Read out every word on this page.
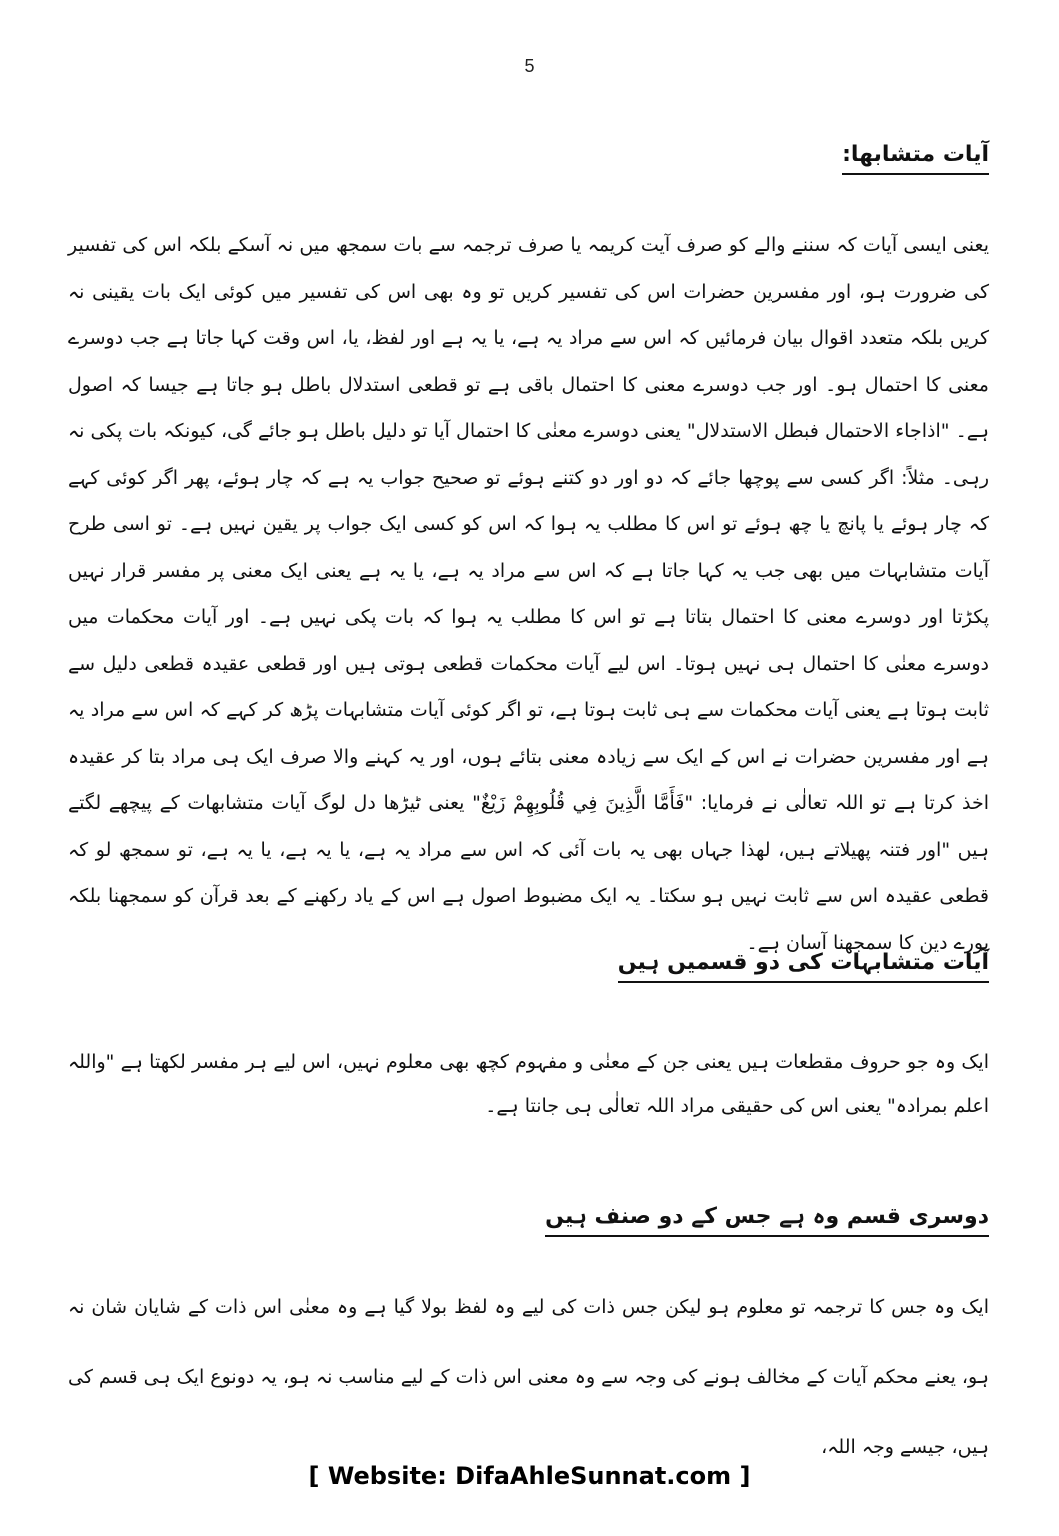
5
آیات متشابھا:
یعنی ایسی آیات کہ سننے والے کو صرف آیت کریمہ یا صرف ترجمہ سے بات سمجھ میں نہ آسکے بلکہ اس کی تفسیر کی ضرورت ہو، اور مفسرین حضرات اس کی تفسیر کریں تو وہ بھی اس کی تفسیر میں کوئی ایک بات یقینی نہ کریں بلکہ متعدد اقوال بیان فرمائیں کہ اس سے مراد یہ ہے، یا یہ ہے اور لفظ، یا، اس وقت کہا جاتا ہے جب دوسرے معنی کا احتمال ہو۔ اور جب دوسرے معنی کا احتمال باقی ہے تو قطعی استدلال باطل ہو جاتا ہے جیسا کہ اصول ہے۔ "اذاجاء الاحتمال فبطل الاستدلال" یعنی دوسرے معنٰی کا احتمال آیا تو دلیل باطل ہو جائے گی، کیونکہ بات پکی نہ رہی۔ مثلاً: اگر کسی سے پوچھا جائے کہ دو اور دو کتنے ہوئے تو صحیح جواب یہ ہے کہ چار ہوئے، پھر اگر کوئی کہے کہ چار ہوئے یا پانچ یا چھ ہوئے تو اس کا مطلب یہ ہوا کہ اس کو کسی ایک جواب پر یقین نہیں ہے۔ تو اسی طرح آیات متشابہات میں بھی جب یہ کہا جاتا ہے کہ اس سے مراد یہ ہے، یا یہ ہے یعنی ایک معنی پر مفسر قرار نہیں پکڑتا اور دوسرے معنی کا احتمال بتاتا ہے تو اس کا مطلب یہ ہوا کہ بات پکی نہیں ہے۔ اور آیات محکمات میں دوسرے معنٰی کا احتمال ہی نہیں ہوتا۔ اس لیے آیات محکمات قطعی ہوتی ہیں اور قطعی عقیدہ قطعی دلیل سے ثابت ہوتا ہے یعنی آیات محکمات سے ہی ثابت ہوتا ہے، تو اگر کوئی آیات متشابہات پڑھ کر کہے کہ اس سے مراد یہ ہے اور مفسرین حضرات نے اس کے ایک سے زیادہ معنی بتائے ہوں، اور یہ کہنے والا صرف ایک ہی مراد بتا کر عقیدہ اخذ کرتا ہے تو اللہ تعالٰی نے فرمایا: "فَأَمَّا الَّذِينَ فِي قُلُوبِهِمْ زَيْغٌ" یعنی ٹیڑھا دل لوگ آیات متشابھات کے پیچھے لگتے ہیں "اور فتنہ پھیلاتے ہیں، لھذا جہاں بھی یہ بات آئی کہ اس سے مراد یہ ہے، یا یہ ہے، یا یہ ہے، تو سمجھ لو کہ قطعی عقیدہ اس سے ثابت نہیں ہو سکتا۔ یہ ایک مضبوط اصول ہے اس کے یاد رکھنے کے بعد قرآن کو سمجھنا بلکہ پورے دین کا سمجھنا آسان ہے۔
آیات متشابہات کی دو قسمیں ہیں
ایک وہ جو حروف مقطعات ہیں یعنی جن کے معنٰی و مفہوم کچھ بھی معلوم نہیں، اس لیے ہر مفسر لکھتا ہے "واللہ اعلم بمرادہ" یعنی اس کی حقیقی مراد اللہ تعالٰی ہی جانتا ہے۔
دوسری قسم وہ ہے جس کے دو صنف ہیں
ایک وہ جس کا ترجمہ تو معلوم ہو لیکن جس ذات کی لیے وہ لفظ بولا گیا ہے وہ معنٰی اس ذات کے شایان شان نہ ہو، یعنے محکم آیات کے مخالف ہونے کی وجہ سے وہ معنی اس ذات کے لیے مناسب نہ ہو، یہ دونوع ایک ہی قسم کی ہیں، جیسے وجہ اللہ،
[ Website: DifaAhleSunnat.com ]
